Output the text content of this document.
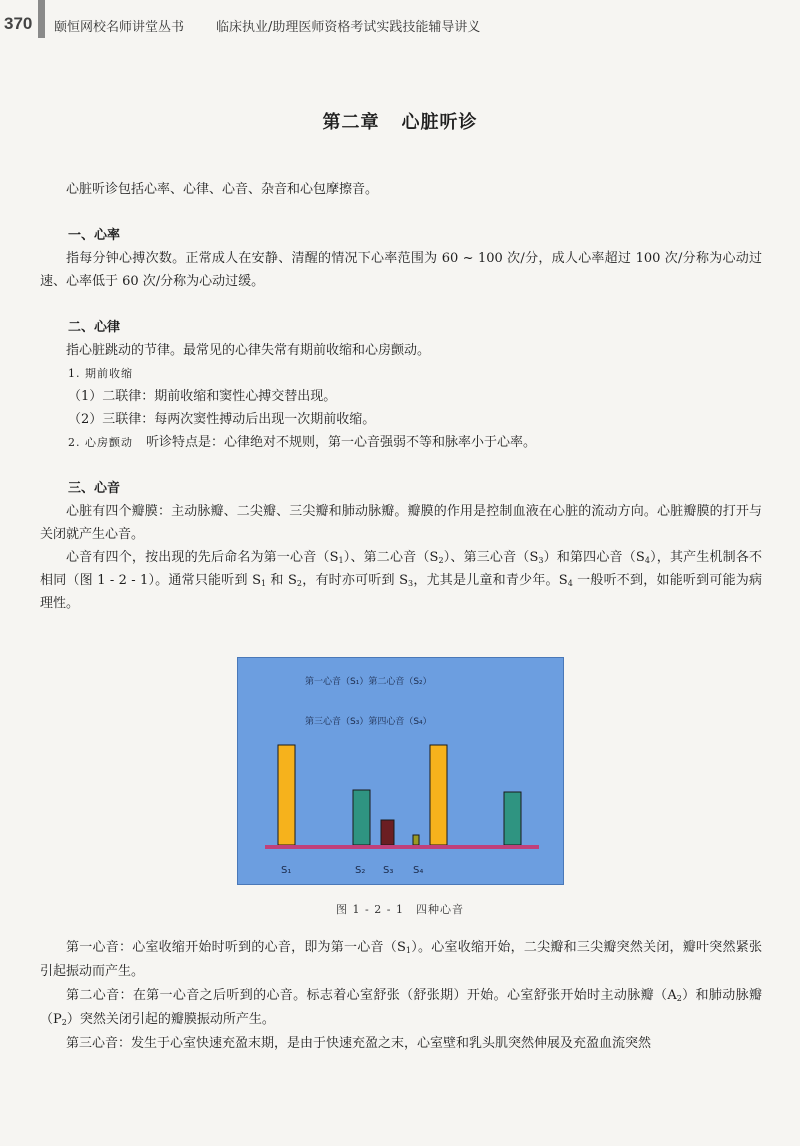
370 颐恒网校名师讲堂丛书 临床执业/助理医师资格考试实践技能辅导讲义
第二章 心脏听诊

心脏听诊包括心率、心律、心音、杂音和心包摩擦音。

一、心率

指每分钟心搏次数。正常成人在安静、清醒的情况下心率范围为 60 ~ 100 次/分，成人心率超过 100 次/分称为心动过速、心率低于 60 次/分称为心动过缓。

二、心律

指心脏跳动的节律。最常见的心律失常有期前收缩和心房颤动。

1. 期前收缩

（1）二联律：期前收缩和窦性心搏交替出现。

（2）三联律：每两次窦性搏动后出现一次期前收缩。

2. 心房颤动　 听诊特点是：心律绝对不规则，第一心音强弱不等和脉率小于心率。

三、心音

心脏有四个瓣膜：主动脉瓣、二尖瓣、三尖瓣和肺动脉瓣。瓣膜的作用是控制血液在心脏的流动方向。心脏瓣膜的打开与关闭就产生心音。

心音有四个，按出现的先后命名为第一心音$(S_1)$、第二心音$(S_2)$、第三心音$(S_3)$和第四心音$(S_4)$，其产生机制各不相同（图 1 - 2 - 1）。通常只能听到 $S_1$ 和 $S_2$，有时亦可听到 $S_3$，尤其是儿童和青少年。$S_4$ 一般听不到，如能听到可能为病理性。

第一心音（S₁）第二心音（S₂）
第三心音（S₃）第四心音（S₄）
S₁	S₂ S₃ S₄
图 1 - 2 - 1　四种心音

第一心音：心室收缩开始时听到的心音，即为第一心音$(S_1)$。心室收缩开始，二尖瓣和三尖瓣突然关闭，瓣叶突然紧张引起振动而产生。

第二心音：在第一心音之后听到的心音。标志着心室舒张（舒张期）开始。心室舒张开始时主动脉瓣$(A_2)$和肺动脉瓣$(P_2)$突然关闭引起的瓣膜振动所产生。

第三心音：发生于心室快速充盈末期，是由于快速充盈之末，心室壁和乳头肌突然伸展及充盈血流突然
